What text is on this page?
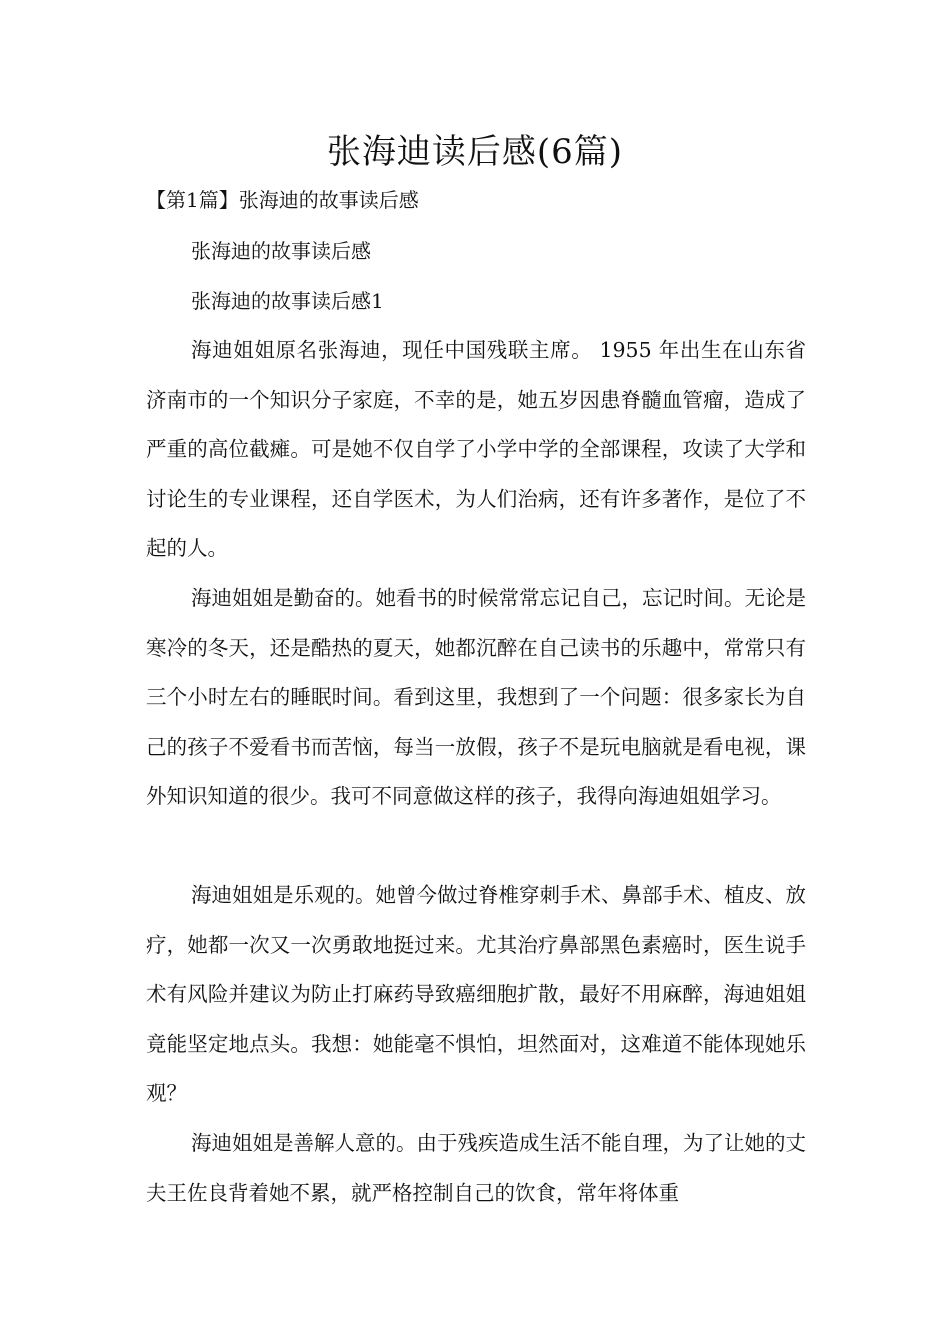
张海迪读后感(6篇)
【第1篇】张海迪的故事读后感
张海迪的故事读后感
张海迪的故事读后感1

海迪姐姐原名张海迪，现任中国残联主席。 1955 年出生在山东省济南市的一个知识分子家庭，不幸的是，她五岁因患脊髓血管瘤，造成了严重的高位截瘫。可是她不仅自学了小学中学的全部课程，攻读了大学和讨论生的专业课程，还自学医术，为人们治病，还有许多著作，是位了不起的人。

海迪姐姐是勤奋的。她看书的时候常常忘记自己，忘记时间。无论是寒冷的冬天，还是酷热的夏天，她都沉醉在自己读书的乐趣中，常常只有三个小时左右的睡眠时间。看到这里，我想到了一个问题：很多家长为自己的孩子不爱看书而苦恼，每当一放假，孩子不是玩电脑就是看电视，课外知识知道的很少。我可不同意做这样的孩子，我得向海迪姐姐学习。

海迪姐姐是乐观的。她曾今做过脊椎穿刺手术、鼻部手术、植皮、放疗，她都一次又一次勇敢地挺过来。尤其治疗鼻部黑色素癌时，医生说手术有风险并建议为防止打麻药导致癌细胞扩散，最好不用麻醉，海迪姐姐竟能坚定地点头。我想：她能毫不惧怕，坦然面对，这难道不能体现她乐观？

海迪姐姐是善解人意的。由于残疾造成生活不能自理，为了让她的丈夫王佐良背着她不累，就严格控制自己的饮食，常年将体重
